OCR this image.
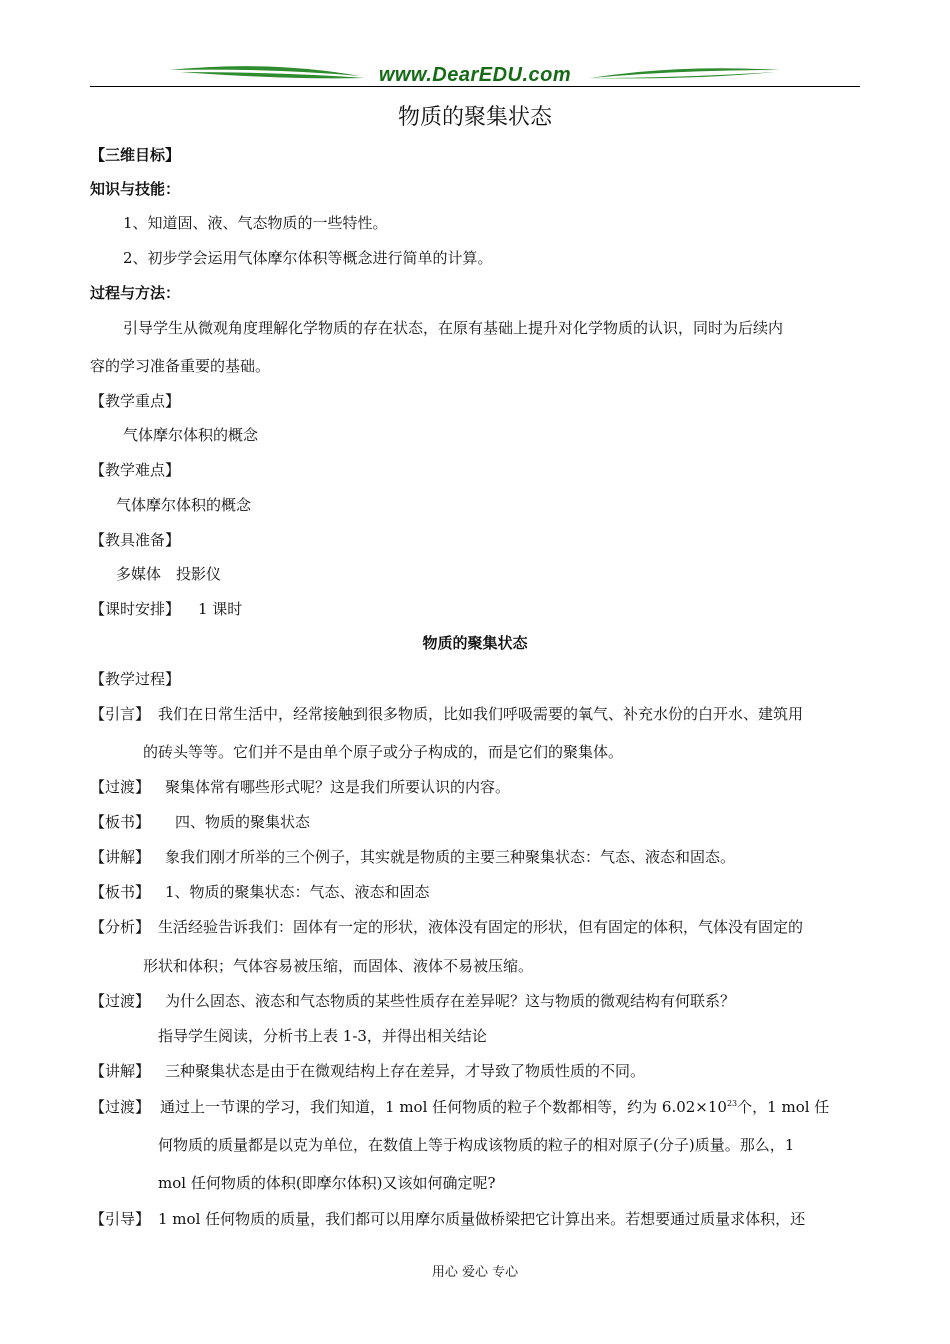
www.DearEDU.com
物质的聚集状态
【三维目标】
知识与技能：
1、知道固、液、气态物质的一些特性。
2、初步学会运用气体摩尔体积等概念进行简单的计算。
过程与方法：
引导学生从微观角度理解化学物质的存在状态，在原有基础上提升对化学物质的认识，同时为后续内
容的学习准备重要的基础。
【教学重点】
气体摩尔体积的概念
【教学难点】
气体摩尔体积的概念
【教具准备】
多媒体　投影仪
【课时安排】 1 课时
物质的聚集状态
【教学过程】
【引言】 我们在日常生活中，经常接触到很多物质，比如我们呼吸需要的氧气、补充水份的白开水、建筑用
的砖头等等。它们并不是由单个原子或分子构成的，而是它们的聚集体。
【过渡】 聚集体常有哪些形式呢？这是我们所要认识的内容。
【板书】 四、物质的聚集状态
【讲解】 象我们刚才所举的三个例子，其实就是物质的主要三种聚集状态：气态、液态和固态。
【板书】 1、物质的聚集状态：气态、液态和固态
【分析】 生活经验告诉我们：固体有一定的形状，液体没有固定的形状，但有固定的体积，气体没有固定的
形状和体积；气体容易被压缩，而固体、液体不易被压缩。
【过渡】 为什么固态、液态和气态物质的某些性质存在差异呢？这与物质的微观结构有何联系？
指导学生阅读，分析书上表 1-3，并得出相关结论
【讲解】 三种聚集状态是由于在微观结构上存在差异，才导致了物质性质的不同。
【过渡】 通过上一节课的学习，我们知道，1 mol 任何物质的粒子个数都相等，约为 $6.02\times 10^{23}$个，1 mol 任
何物质的质量都是以克为单位，在数值上等于构成该物质的粒子的相对原子(分子)质量。那么，1
mol 任何物质的体积(即摩尔体积)又该如何确定呢?
【引导】 1 mol 任何物质的质量，我们都可以用摩尔质量做桥梁把它计算出来。若想要通过质量求体积，还
用心 爱心 专心
